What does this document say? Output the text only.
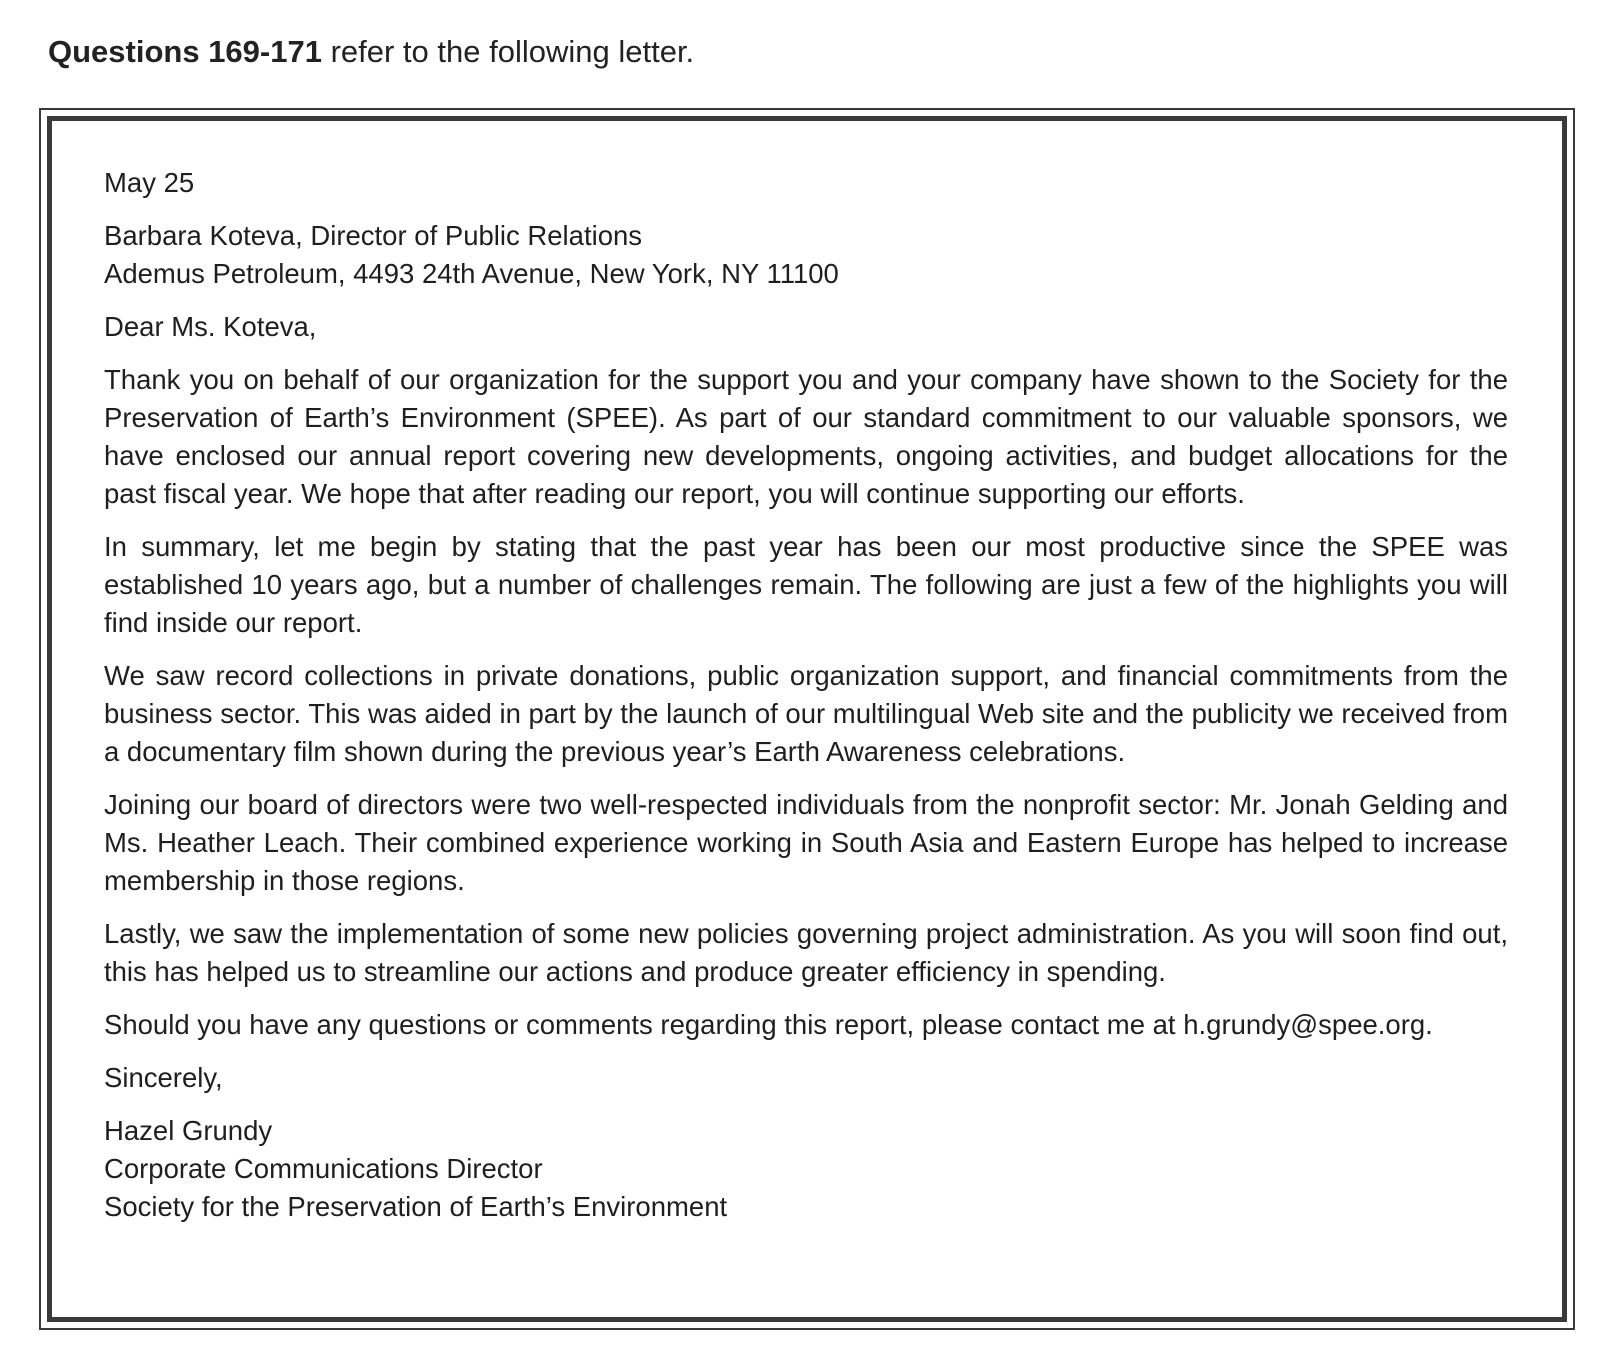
Questions 169-171 refer to the following letter.

May 25

Barbara Koteva, Director of Public Relations
Ademus Petroleum, 4493 24th Avenue, New York, NY 11100

Dear Ms. Koteva,

Thank you on behalf of our organization for the support you and your company have shown to the Society for the Preservation of Earth’s Environment (SPEE). As part of our standard commitment to our valuable sponsors, we have enclosed our annual report covering new developments, ongoing activities, and budget allocations for the past fiscal year. We hope that after reading our report, you will continue supporting our efforts.

In summary, let me begin by stating that the past year has been our most productive since the SPEE was established 10 years ago, but a number of challenges remain. The following are just a few of the highlights you will find inside our report.

We saw record collections in private donations, public organization support, and financial commitments from the business sector. This was aided in part by the launch of our multilingual Web site and the publicity we received from a documentary film shown during the previous year’s Earth Awareness celebrations.

Joining our board of directors were two well-respected individuals from the nonprofit sector: Mr. Jonah Gelding and Ms. Heather Leach. Their combined experience working in South Asia and Eastern Europe has helped to increase membership in those regions.

Lastly, we saw the implementation of some new policies governing project administration. As you will soon find out, this has helped us to streamline our actions and produce greater efficiency in spending.

Should you have any questions or comments regarding this report, please contact me at h.grundy@spee.org.

Sincerely,

Hazel Grundy
Corporate Communications Director
Society for the Preservation of Earth’s Environment
